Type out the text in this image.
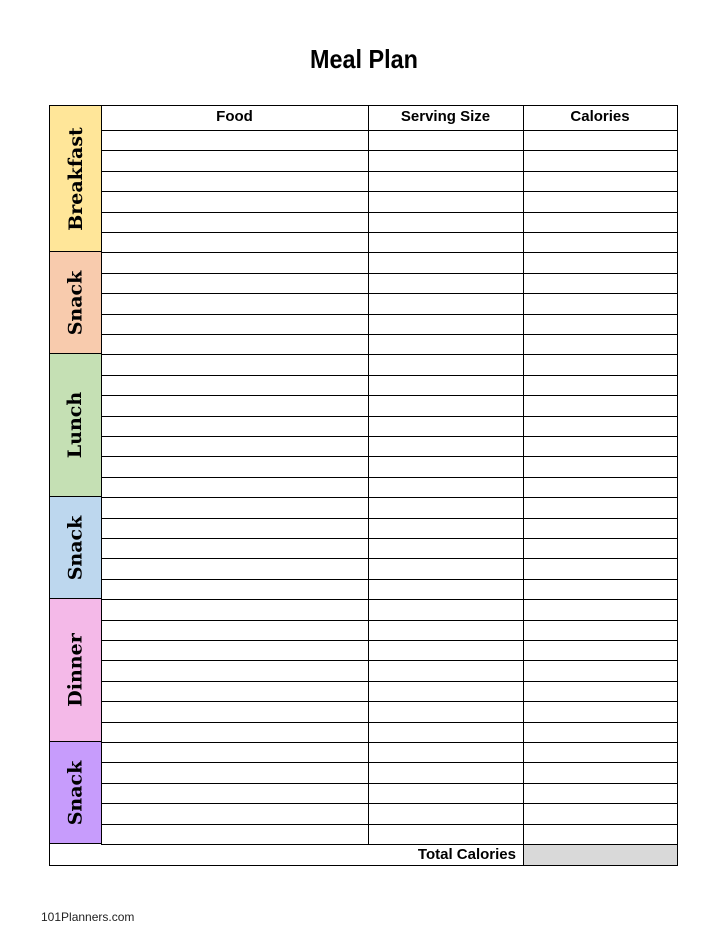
Meal Plan
Food	Serving Size	Calories
Total Calories
Breakfast
Snack
Lunch
Snack
Dinner
Snack
101Planners.com
